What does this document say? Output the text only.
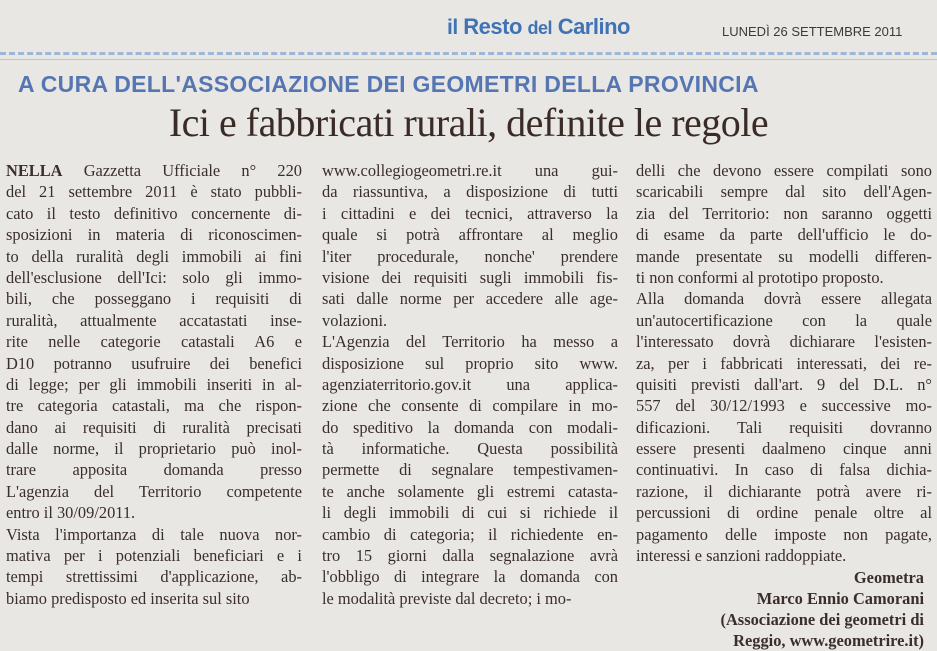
il Resto del Carlino	LUNEDÌ 26 SETTEMBRE 2011
A CURA DELL'ASSOCIAZIONE DEI GEOMETRI DELLA PROVINCIA
Ici e fabbricati rurali, definite le regole
NELLA Gazzetta Ufficiale n° 220
del 21 settembre 2011 è stato pubbli-
cato il testo definitivo concernente di-
sposizioni in materia di riconoscimen-
to della ruralità degli immobili ai fini
dell'esclusione dell'Ici: solo gli immo-
bili, che posseggano i requisiti di
ruralità, attualmente accatastati inse-
rite nelle categorie catastali A6 e
D10 potranno usufruire dei benefici
di legge; per gli immobili inseriti in al-
tre categoria catastali, ma che rispon-
dano ai requisiti di ruralità precisati
dalle norme, il proprietario può inol-
trare apposita domanda presso
L'agenzia del Territorio competente
entro il 30/09/2011.
Vista l'importanza di tale nuova nor-
mativa per i potenziali beneficiari e i
tempi strettissimi d'applicazione, ab-
biamo predisposto ed inserita sul sito
www.collegiogeometri.re.it una gui-
da riassuntiva, a disposizione di tutti
i cittadini e dei tecnici, attraverso la
quale si potrà affrontare al meglio
l'iter procedurale, nonche' prendere
visione dei requisiti sugli immobili fis-
sati dalle norme per accedere alle age-
volazioni.
L'Agenzia del Territorio ha messo a
disposizione sul proprio sito www.
agenziaterritorio.gov.it una applica-
zione che consente di compilare in mo-
do speditivo la domanda con modali-
tà informatiche. Questa possibilità
permette di segnalare tempestivamen-
te anche solamente gli estremi catasta-
li degli immobili di cui si richiede il
cambio di categoria; il richiedente en-
tro 15 giorni dalla segnalazione avrà
l'obbligo di integrare la domanda con
le modalità previste dal decreto; i mo-
delli che devono essere compilati sono
scaricabili sempre dal sito dell'Agen-
zia del Territorio: non saranno oggetti
di esame da parte dell'ufficio le do-
mande presentate su modelli differen-
ti non conformi al prototipo proposto.
Alla domanda dovrà essere allegata
un'autocertificazione con la quale
l'interessato dovrà dichiarare l'esisten-
za, per i fabbricati interessati, dei re-
quisiti previsti dall'art. 9 del D.L. n°
557 del 30/12/1993 e successive mo-
dificazioni. Tali requisiti dovranno
essere presenti daalmeno cinque anni
continuativi. In caso di falsa dichia-
razione, il dichiarante potrà avere ri-
percussioni di ordine penale oltre al
pagamento delle imposte non pagate,
interessi e sanzioni raddoppiate.
Geometra
Marco Ennio Camorani
(Associazione dei geometri di
Reggio, www.geometrire.it)
